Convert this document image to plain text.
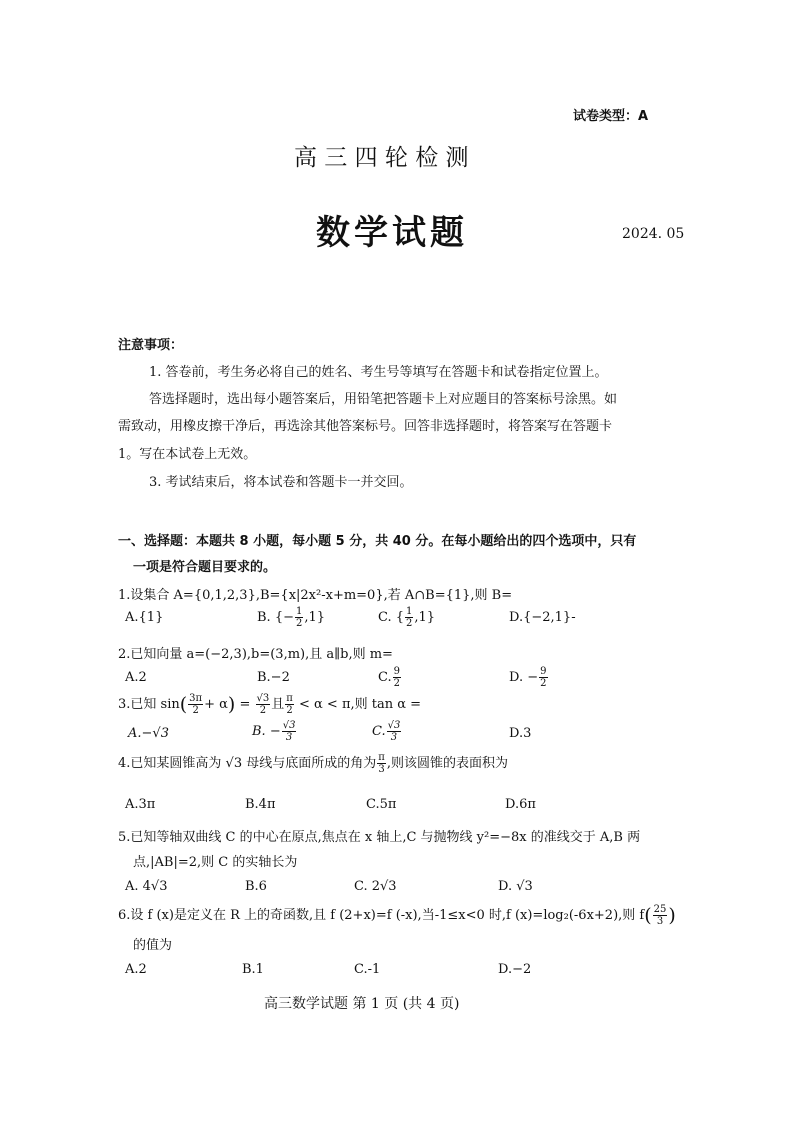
试卷类型：A
高 三 四 轮 检 测
数学试题	2024. 05
注意事项：
1. 答卷前，考生务必将自己的姓名、考生号等填写在答题卡和试卷指定位置上。
答选择题时，选出每小题答案后，用铅笔把答题卡上对应题目的答案标号涂黑。如
需致动，用橡皮擦干净后，再选涂其他答案标号。回答非选择题时，将答案写在答题卡
1。写在本试卷上无效。
3. 考试结束后，将本试卷和答题卡一并交回。
一、选择题：本题共 8 小题，每小题 5 分，共 40 分。在每小题给出的四个选项中，只有
一项是符合题目要求的。
1.设集合 A={0,1,2,3},B={x|2x²-x+m=0},若 A∩B={1},则 B=
A.{1}	B. {− $\frac{1}{2} ,1$}	C. { $\frac{1}{2} ,1$}	D.{−2,1}-
2.已知向量 a=(−2,3),b=(3,m),且 a∥b,则 m=
A.2	B.−2	C. $\frac{9}{2}$	D. − $\frac{9}{2}$
3.已知 $\sin( \frac{3\pi}{2} + \alpha) = \frac{√3}{2}$ 且 $\frac{\pi}{2} < \alpha < \pi$,则 tan α =
A.−√3	B. − $\frac{√3}{3}$	C. $\frac{√3}{3}$	D.3
4.已知某圆锥高为 √3 母线与底面所成的角为 $\frac{\pi}{3}$ ,则该圆锥的表面积为
A.3π	B.4π	C.5π	D.6π
5.已知等轴双曲线 C 的中心在原点,焦点在 x 轴上,C 与抛物线 y²=−8x 的准线交于 A,B 两
点,|AB|=2,则 C 的实轴长为
A. 4√3	B.6	C. 2√3	D. √3
6.设 f (x)是定义在 R 上的奇函数,且 f (2+x)=f (-x),当-1≤x<0 时,f (x)=log₂(-6x+2),则 $f( \frac{25}{3}$ )
的值为
A.2	B.1	C.-1	D.−2
高三数学试题 第 1 页 (共 4 页)
